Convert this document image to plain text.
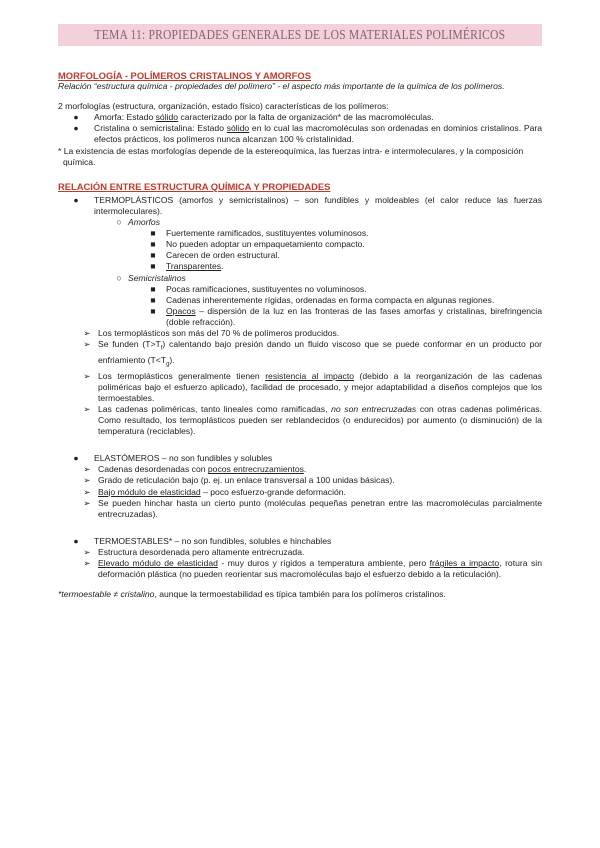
TEMA 11: PROPIEDADES GENERALES DE LOS MATERIALES POLIMÉRICOS

MORFOLOGÍA - POLÍMEROS CRISTALINOS Y AMORFOS

Relación “estructura química - propiedades del polímero” - el aspecto más importante de la química de los polímeros.

2 morfologías (estructura, organización, estado físico) características de los polímeros:

●	Amorfa: Estado sólido caracterizado por la falta de organización* de las macromoléculas.
●	Cristalina o semicristalina: Estado sólido en lo cual las macromoléculas son ordenadas en dominios cristalinos. Para efectos prácticos, los polímeros nunca alcanzan 100 % cristalinidad.

* La existencia de estas morfologías depende de la estereoquímica, las fuerzas intra- e intermoleculares, y la composición química.

RELACIÓN ENTRE ESTRUCTURA QUÍMICA Y PROPIEDADES

●	TERMOPLÁSTICOS (amorfos y semicristalinos) – son fundibles y moldeables (el calor reduce las fuerzas intermoleculares).
○ Amorfos
■	Fuertemente ramificados, sustituyentes voluminosos.
■	No pueden adoptar un empaquetamiento compacto.
■	Carecen de orden estructural.
■	Transparentes.
○ Semicristalinos
■	Pocas ramificaciones, sustituyentes no voluminosos.
■	Cadenas inherentemente rígidas, ordenadas en forma compacta en algunas regiones.
■	Opacos – dispersión de la luz en las fronteras de las fases amorfas y cristalinas, birefringencia (doble refracción).
➢ Los termoplásticos son más del 70 % de polímeros producidos.
➢ Se funden $(T>T_f)$ calentando bajo presión dando un fluido viscoso que se puede conformar en un producto por enfriamiento $(T<T_g)$.
➢ Los termoplásticos generalmente tienen resistencia al impacto (debido a la reorganización de las cadenas poliméricas bajo el esfuerzo aplicado), facilidad de procesado, y mejor adaptabilidad a diseños complejos que los termoestables.
➢ Las cadenas poliméricas, tanto lineales como ramificadas, no son entrecruzadas con otras cadenas poliméricas. Como resultado, los termoplásticos pueden ser reblandecidos (o endurecidos) por aumento (o disminución) de la temperatura (reciclables).
●	ELASTÓMEROS – no son fundibles y solubles
➢ Cadenas desordenadas con pocos entrecruzamientos.
➢ Grado de reticulación bajo (p. ej. un enlace transversal a 100 unidas básicas).
➢ Bajo módulo de elasticidad – poco esfuerzo-grande deformación.
➢ Se pueden hinchar hasta un cierto punto (moléculas pequeñas penetran entre las macromoléculas parcialmente entrecruzadas).
●	TERMOESTABLES* – no son fundibles, solubles e hinchables
➢ Estructura desordenada pero altamente entrecruzada.
➢ Elevado módulo de elasticidad - muy duros y rígidos a temperatura ambiente, pero frágiles a impacto, rotura sin deformación plástica (no pueden reorientar sus macromoléculas bajo el esfuerzo debido a la reticulación).

*termoestable ≠ cristalino, aunque la termoestabilidad es típica también para los polímeros cristalinos.
